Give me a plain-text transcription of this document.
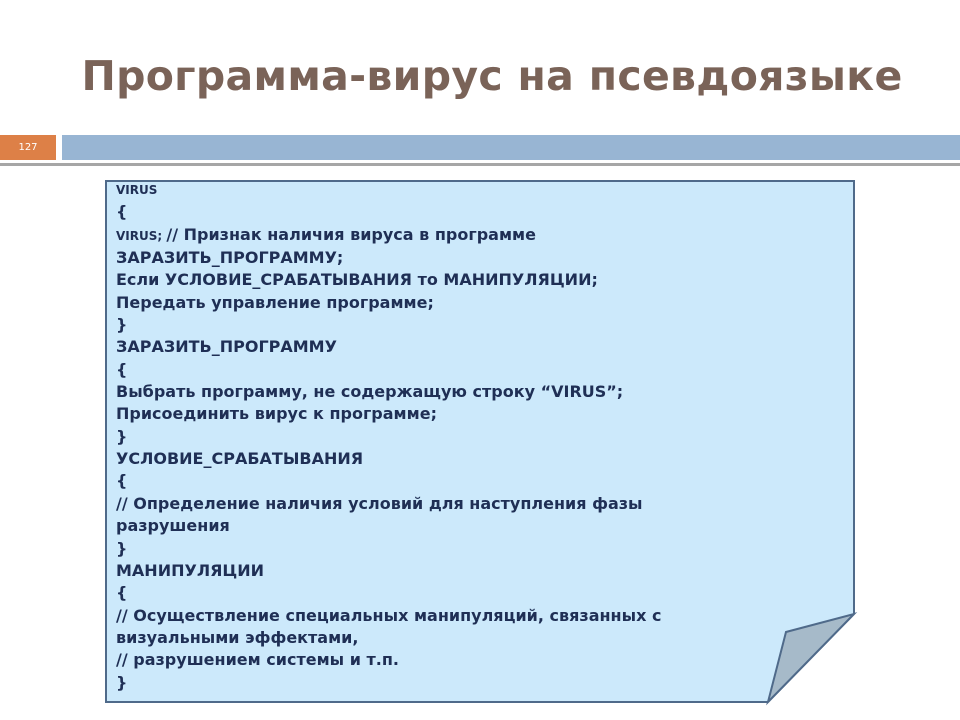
Программа-вирус на псевдоязыке
127
VIRUS
{
VIRUS; // Признак наличия вируса в программе
ЗАРАЗИТЬ_ПРОГРАММУ;
Если УСЛОВИЕ_СРАБАТЫВАНИЯ то МАНИПУЛЯЦИИ;
Передать управление программе;
}
ЗАРАЗИТЬ_ПРОГРАММУ
{
Выбрать программу, не содержащую строку “VIRUS”;
Присоединить вирус к программе;
}
УСЛОВИЕ_СРАБАТЫВАНИЯ
{
// Определение наличия условий для наступления фазы
разрушения
}
МАНИПУЛЯЦИИ
{
// Осуществление специальных манипуляций, связанных с
визуальными эффектами,
// разрушением системы и т.п.
}
